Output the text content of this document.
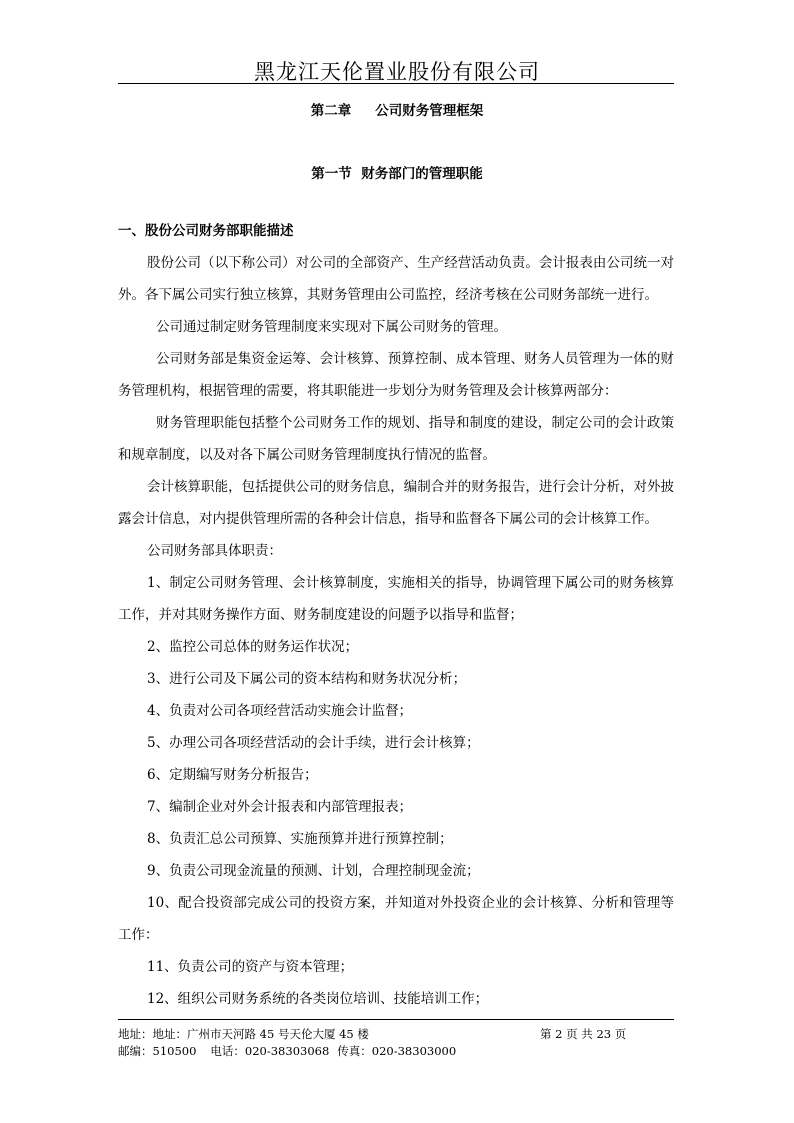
黑龙江天伦置业股份有限公司
第二章 公司财务管理框架
第一节  财务部门的管理职能
一、股份公司财务部职能描述

股份公司（以下称公司）对公司的全部资产、生产经营活动负责。会计报表由公司统一对外。各下属公司实行独立核算，其财务管理由公司监控，经济考核在公司财务部统一进行。

公司通过制定财务管理制度来实现对下属公司财务的管理。

公司财务部是集资金运筹、会计核算、预算控制、成本管理、财务人员管理为一体的财务管理机构，根据管理的需要，将其职能进一步划分为财务管理及会计核算两部分：

财务管理职能包括整个公司财务工作的规划、指导和制度的建设，制定公司的会计政策和规章制度，以及对各下属公司财务管理制度执行情况的监督。

会计核算职能，包括提供公司的财务信息，编制合并的财务报告，进行会计分析，对外披露会计信息，对内提供管理所需的各种会计信息，指导和监督各下属公司的会计核算工作。

公司财务部具体职责：

1、制定公司财务管理、会计核算制度，实施相关的指导，协调管理下属公司的财务核算工作，并对其财务操作方面、财务制度建设的问题予以指导和监督；

2、监控公司总体的财务运作状况；

3、进行公司及下属公司的资本结构和财务状况分析；

4、负责对公司各项经营活动实施会计监督；

5、办理公司各项经营活动的会计手续，进行会计核算；

6、定期编写财务分析报告；

7、编制企业对外会计报表和内部管理报表；

8、负责汇总公司预算、实施预算并进行预算控制；

9、负责公司现金流量的预测、计划，合理控制现金流；

10、配合投资部完成公司的投资方案，并知道对外投资企业的会计核算、分析和管理等工作：

11、负责公司的资产与资本管理；

12、组织公司财务系统的各类岗位培训、技能培训工作；

地址：地址：广州市天河路 45 号天伦大厦 45 楼	第 2 页 共 23 页
邮编：510500 电话：020-38303068 传真：020-38303000
